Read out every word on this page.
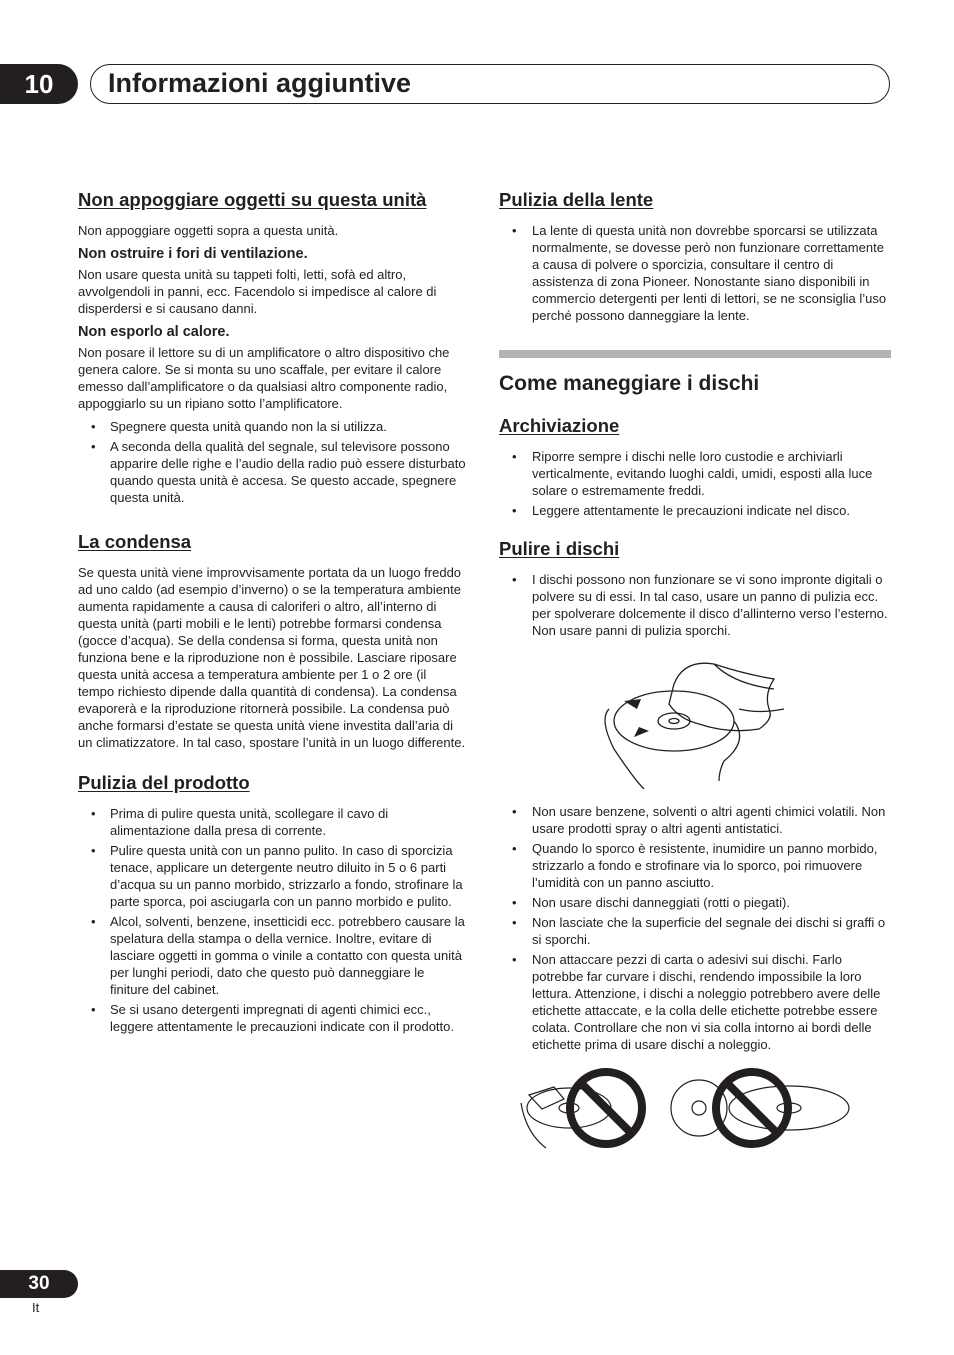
10	Informazioni aggiuntive
Non appoggiare oggetti su questa unità

Non appoggiare oggetti sopra a questa unità.

Non ostruire i fori di ventilazione.

Non usare questa unità su tappeti folti, letti, sofà ed altro, avvolgendoli in panni, ecc. Facendolo si impedisce al calore di disperdersi e si causano danni.

Non esporlo al calore.

Non posare il lettore su di un amplificatore o altro dispositivo che genera calore. Se si monta su uno scaffale, per evitare il calore emesso dall’amplificatore o da qualsiasi altro componente radio, appoggiarlo su un ripiano sotto l’amplificatore.

• Spegnere questa unità quando non la si utilizza.
• A seconda della qualità del segnale, sul televisore possono apparire delle righe e l’audio della radio può essere disturbato quando questa unità è accesa. Se questo accade, spegnere questa unità.
La condensa

Se questa unità viene improvvisamente portata da un luogo freddo ad uno caldo (ad esempio d’inverno) o se la temperatura ambiente aumenta rapidamente a causa di caloriferi o altro, all’interno di questa unità (parti mobili e le lenti) potrebbe formarsi condensa (gocce d’acqua). Se della condensa si forma, questa unità non funziona bene e la riproduzione non è possibile. Lasciare riposare questa unità accesa a temperatura ambiente per 1 o 2 ore (il tempo richiesto dipende dalla quantità di condensa). La condensa evaporerà e la riproduzione ritornerà possibile. La condensa può anche formarsi d’estate se questa unità viene investita dall’aria di un climatizzatore. In tal caso, spostare l’unità in un luogo differente.

Pulizia del prodotto
• Prima di pulire questa unità, scollegare il cavo di alimentazione dalla presa di corrente.
• Pulire questa unità con un panno pulito. In caso di sporcizia tenace, applicare un detergente neutro diluito in 5 o 6 parti d’acqua su un panno morbido, strizzarlo a fondo, strofinare la parte sporca, poi asciugarla con un panno morbido e pulito.
• Alcol, solventi, benzene, insetticidi ecc. potrebbero causare la spelatura della stampa o della vernice. Inoltre, evitare di lasciare oggetti in gomma o vinile a contatto con questa unità per lunghi periodi, dato che questo può danneggiare le finiture del cabinet.
• Se si usano detergenti impregnati di agenti chimici ecc., leggere attentamente le precauzioni indicate con il prodotto.
Pulizia della lente
• La lente di questa unità non dovrebbe sporcarsi se utilizzata normalmente, se dovesse però non funzionare correttamente a causa di polvere o sporcizia, consultare il centro di assistenza di zona Pioneer. Nonostante siano disponibili in commercio detergenti per lenti di lettori, se ne sconsiglia l’uso perché possono danneggiare la lente.
Come maneggiare i dischi
Archiviazione
• Riporre sempre i dischi nelle loro custodie e archiviarli verticalmente, evitando luoghi caldi, umidi, esposti alla luce solare o estremamente freddi.
• Leggere attentamente le precauzioni indicate nel disco.
Pulire i dischi
• I dischi possono non funzionare se vi sono impronte digitali o polvere su di essi. In tal caso, usare un panno di pulizia ecc. per spolverare dolcemente il disco d’allinterno verso l’esterno. Non usare panni di pulizia sporchi.
• Non usare benzene, solventi o altri agenti chimici volatili. Non usare prodotti spray o altri agenti antistatici.
• Quando lo sporco è resistente, inumidire un panno morbido, strizzarlo a fondo e strofinare via lo sporco, poi rimuovere l’umidità con un panno asciutto.
• Non usare dischi danneggiati (rotti o piegati).
• Non lasciate che la superficie del segnale dei dischi si graffi o si sporchi.
• Non attaccare pezzi di carta o adesivi sui dischi. Farlo potrebbe far curvare i dischi, rendendo impossibile la loro lettura. Attenzione, i dischi a noleggio potrebbero avere delle etichette attaccate, e la colla delle etichette potrebbe essere colata. Controllare che non vi sia colla intorno ai bordi delle etichette prima di usare dischi a noleggio.
30
It
